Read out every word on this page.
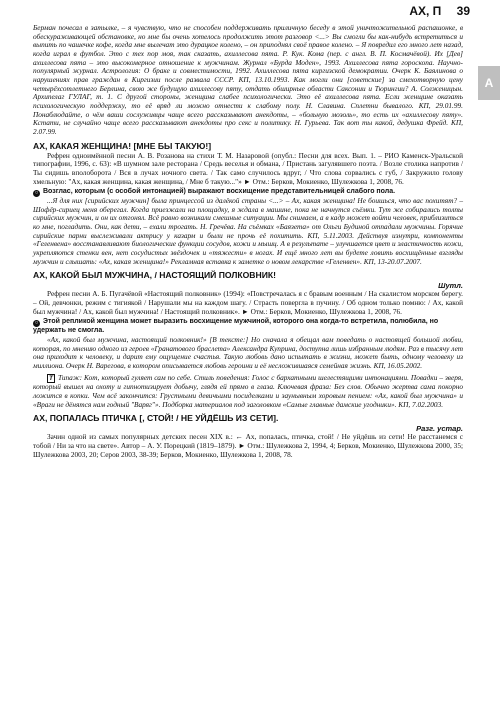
АХ, П 39
А

Берман почесал в затылке, – я чувствую, что не способен поддерживать приличную беседу в этой уничтожительной распашонке, в обескураживающей обстановке, но мне бы очень хотелось продолжить этот разговор <...> Вы смогли бы как-нибудь встретиться и выпить по чашечке кофе, когда мне вылечат это дурацкое колено, – он приподнял своё правое колено. – Я повредил его много лет назад, когда играл в футбол. Это с тех пор моя, так сказать, ахиллесова пята. Р. Кук. Кома (пер. с англ. В. П. Космачёвой). Их [Дев] ахиллесова пята – это высокомерное отношение к мужчинам. Журнал «Бурда Моден», 1993. Ахиллесова пята гороскопа. Научно-популярный журнал. Астрология: О браке и совместимости, 1992. Ахиллесова пята киргизской демократии. Очерк К. Баялинова о нарушениях прав граждан в Киргизии после развала СССР. КП, 13.10.1993. Как могли они [советские] за смехотворную цену четырёхсотлетнего Берлина, свою же будущую ахиллесову пяту, отдать обширные области Саксонии и Тюрингии? А. Солженицын. Архипелаг ГУЛАГ, т. 1. С другой стороны, женщина слабее психологически. Это её ахиллесова пята. Если женщине оказать психологическую поддержку, то её вряд ли можно отнести к слабому полу. Н. Славина. Сплетни бывалого. КП, 29.01.99. Понаблюдайте, о чём ваши сослуживцы чаще всего рассказывают анекдоты, – «больную мозоль», то есть их «ахиллесову пяту». Кстати, не случайно чаще всего рассказывают анекдоты про секс и политику. Н. Гурьева. Так вот ты какой, дедушка Фрейд. КП, 2.07.99.

АХ, КАКАЯ ЖЕНЩИНА! [МНЕ БЫ ТАКУЮ!]

Рефрен одноимённой песни А. В. Розанова на стихи Т. М. Назаровой (опубл.: Песни для всех. Вып. 1. – РИО Каменск-Уральской типографии, 1996, с. 63): «В шумном зале ресторана / Средь веселья и обмана, / Пристань загулявшего поэта. / Возле столика напротив / Ты сидишь вполоборота / Вся в лучах ночного света. / Так само случилось вдруг, / Что слова сорвались с губ, / Закружило голову хмельную: "Ах, какая женщина, какая женщина, / Мне б такую..."» ► Отм.: Берков, Мокиенко, Шулежкова 1, 2008, 76.

○ Возглас, которым (с особой интонацией) выражают восхищение представительницей слабого пола.

...Я для них [сирийских мужчин] была принцессой из далёкой страны <...> – Ах, какая женщина! Не боишься, что вас похитят? – Шофёр-сириец меня оберегал. Когда приезжали на площадку, я ждала в машине, пока не начнутся съёмки. Тут же собирались толпы сирийских мужчин, и он их отгонял. Всё равно возникали смешные ситуации. Мы снимаем, а в кадр может войти человек, приблизиться ко мне, погладить. Они, как дети, – ехали трогать. Н. Гречёва. На съёмках «Баязета» от Ольги Будиной отпадали мужчины. Горячие сирийские парни выслеживали актрису у казарм и были не прочь её похитить. КП, 5.11.2003. Действуя изнутри, компоненты «Геленвена» восстанавливают биологические функции сосудов, кожи и мышц. А в результате – улучшается цвет и эластичность кожи, укрепляются стенки вен, нет сосудистых звёздочек и «тяжести» в ногах. И ещё много лет вы будете ловить восхищённые взгляды мужчин и слышать: «Ах, какая женщина!» Рекламная вставка к заметке о новом лекарстве «Геленвен». КП, 13-20.07.2007.

АХ, КАКОЙ БЫЛ МУЖЧИНА, / НАСТОЯЩИЙ ПОЛКОВНИК!
Шутл.

Рефрен песни А. Б. Пугачёвой «Настоящий полковник» (1994): «Повстречалась я с бравым военным / На скалистом морском берегу. – Ой, девчонки, режим с тигиякой / Нарушали мы на каждом шагу. / Страсть повергла в пучину. / Об одном только помню: / Ах, какой был мужчина! / Ах, какой был мужчина! / Настоящий полковник». ► Отм.: Берков, Мокиенко, Шулежкова 1, 2008, 76.

○ Этой репликой женщина может выразить восхищение мужчиной, которого она когда-то встретила, полюбила, но удержать не смогла.

«Ах, какой был мужчина, настоящий полковник!» [В тексте:] Но сначала я обещал вам поведать о настоящей большой любви, которая, по мнению одного из героев «Гранатового браслета» Александра Куприна, доступна лишь избранным людям. Раз в тысячу лет она приходит к человеку, и дарит ему ощущение счастья. Такую любовь дано испытать в жизни, может быть, одному человеку из миллиона. Очерк Н. Варегова, в котором описывается любовь героини и её несложившаяся семейная жизнь. КП, 16.05.2002.

Т Типаж: Кот, который гуляет сам по себе. Стиль поведения: Голос с бархатными шелестящими интонациями. Повадки – зверя, который вышел на охоту и гипнотизирует добычу, глядя ей прямо в глаза. Ключевая фраза: Без слов. Обычно жертва сама покорно ложится в копки. Чем всё закончится: Грустными девичьими посиделками и заунывным хоровым пением: «Ах, какой был мужчина» и «Враги не дёнятся нам годный "Варяг"». Подборка материалов под заголовком «Самые главные дамские угодники». КП, 7.02.2003.

АХ, ПОПАЛАСЬ ПТИЧКА [, СТОЙ! / НЕ УЙДЁШЬ ИЗ СЕТИ].
Разг. устар.

Зачин одной из самых популярных детских песен XIX в.: ← Ах, попалась, птичка, стой! / Не уйдёшь из сети! Не расстанемся с тобой / Ни за что на свете». Автор – А. У. Порецкий (1819–1879). ► Отм.: Шулежкова 2, 1994, 4; Берков, Мокиенко, Шулежкова 2000, 35; Шулежкова 2003, 20; Серов 2003, 38-39; Берков, Мокиенко, Шулежкова 1, 2008, 78.
